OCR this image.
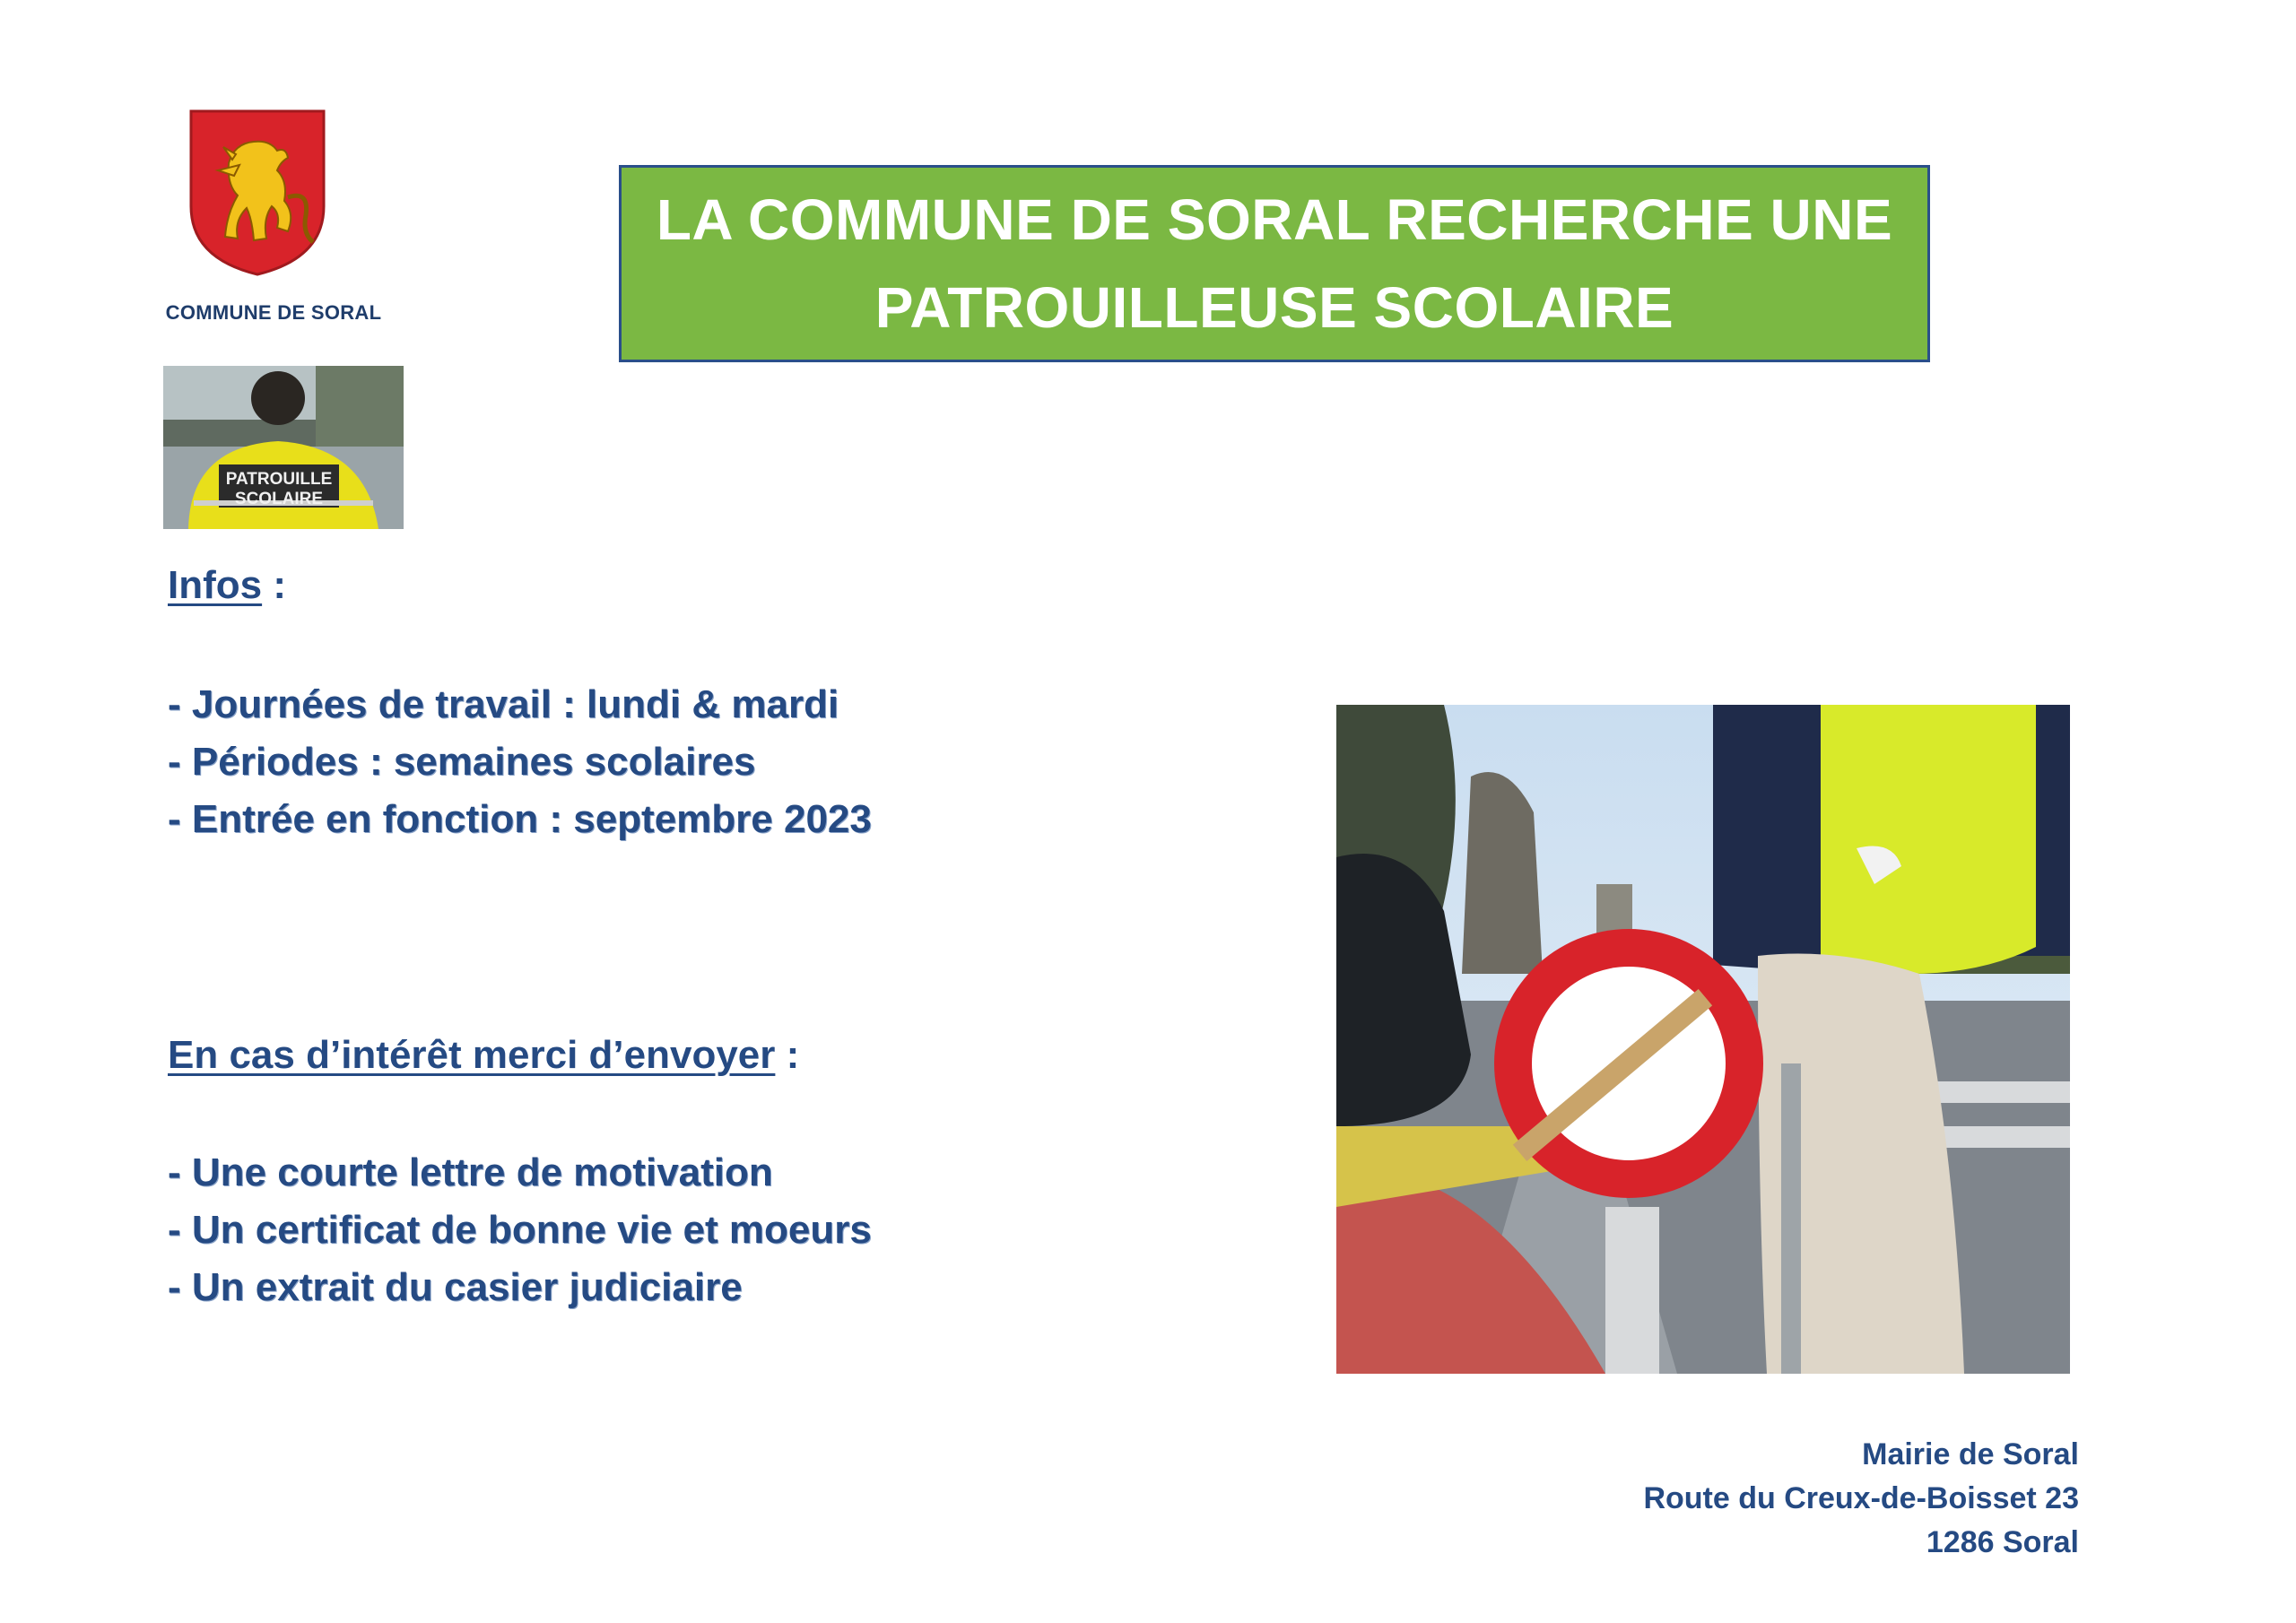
COMMUNE DE SORAL
LA COMMUNE DE SORAL RECHERCHE UNE PATROUILLEUSE SCOLAIRE
PATROUILLE
SCOLAIRE
Infos :
- Journées de travail : lundi & mardi
- Périodes : semaines scolaires
- Entrée en fonction : septembre 2023
En cas d’intérêt merci d’envoyer :
- Une courte lettre de motivation
- Un certificat de bonne vie et moeurs
- Un extrait du casier judiciaire
Mairie de Soral
Route du Creux-de-Boisset 23
1286 Soral
